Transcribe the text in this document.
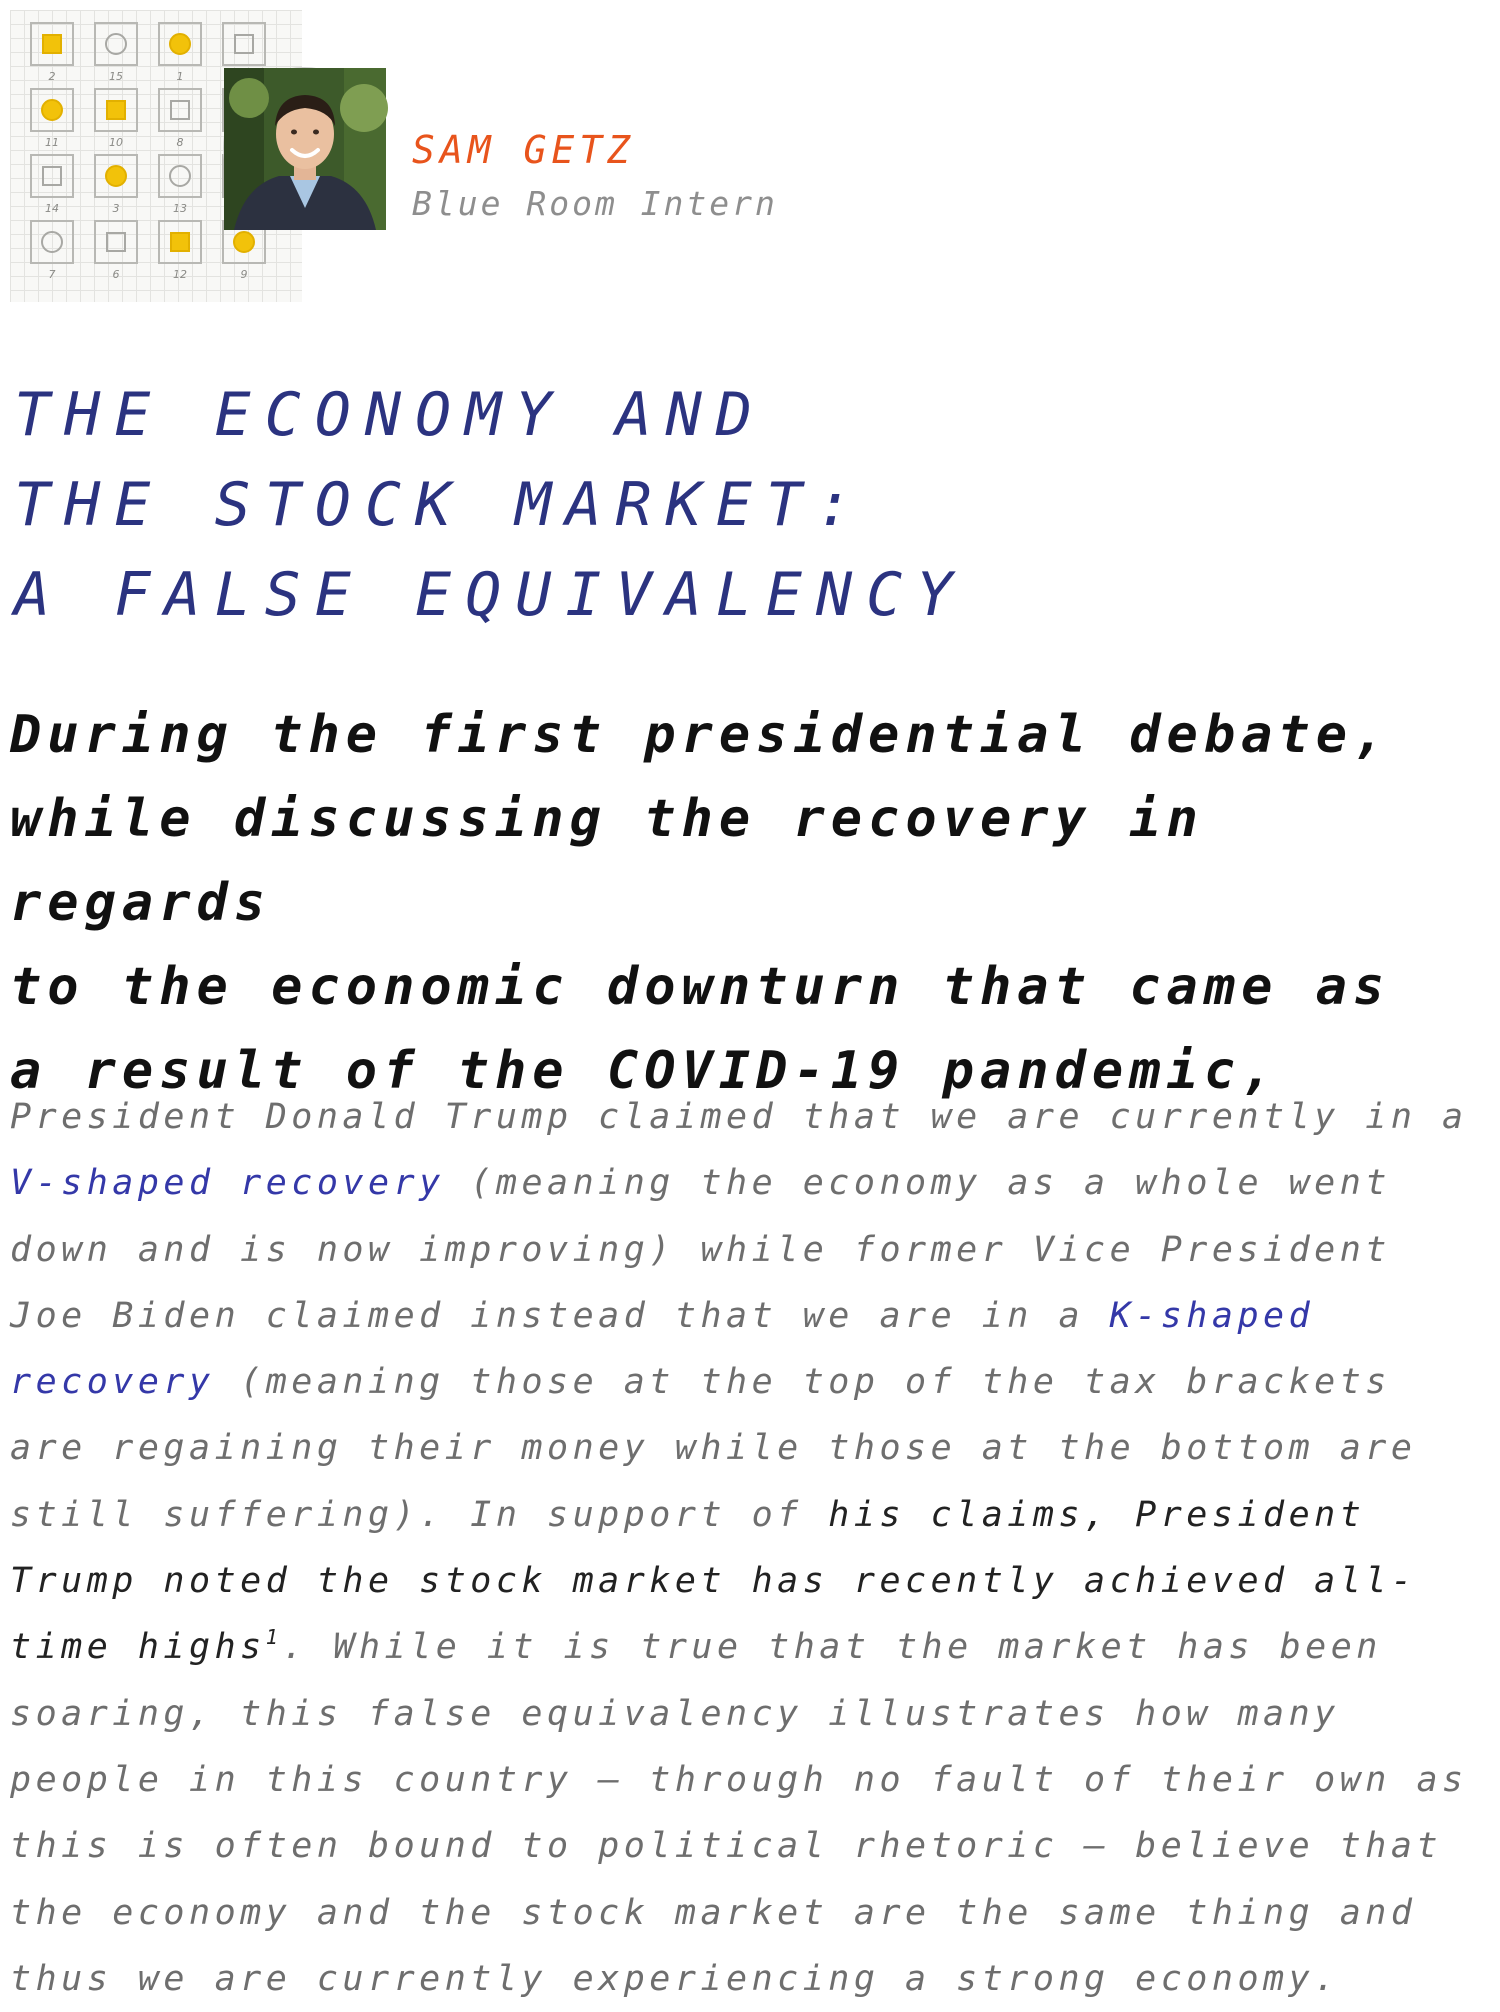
2	15	1
11	10	8
14	3	13
7	6	12	9
SAM GETZ
Blue Room Intern
THE ECONOMY AND
THE STOCK MARKET:
A FALSE EQUIVALENCY
During the first presidential debate,
while discussing the recovery in regards
to the economic downturn that came as
a result of the COVID-19 pandemic,

President Donald Trump claimed that we are currently in a V-shaped recovery (meaning the economy as a whole went down and is now improving) while former Vice President Joe Biden claimed instead that we are in a K-shaped recovery (meaning those at the top of the tax brackets are regaining their money while those at the bottom are still suffering). In support of his claims, President Trump noted the stock market has recently achieved all-time highs$^1$. While it is true that the market has been soaring, this false equivalency illustrates how many people in this country — through no fault of their own as this is often bound to political rhetoric — believe that the economy and the stock market are the same thing and thus we are currently experiencing a strong economy.
